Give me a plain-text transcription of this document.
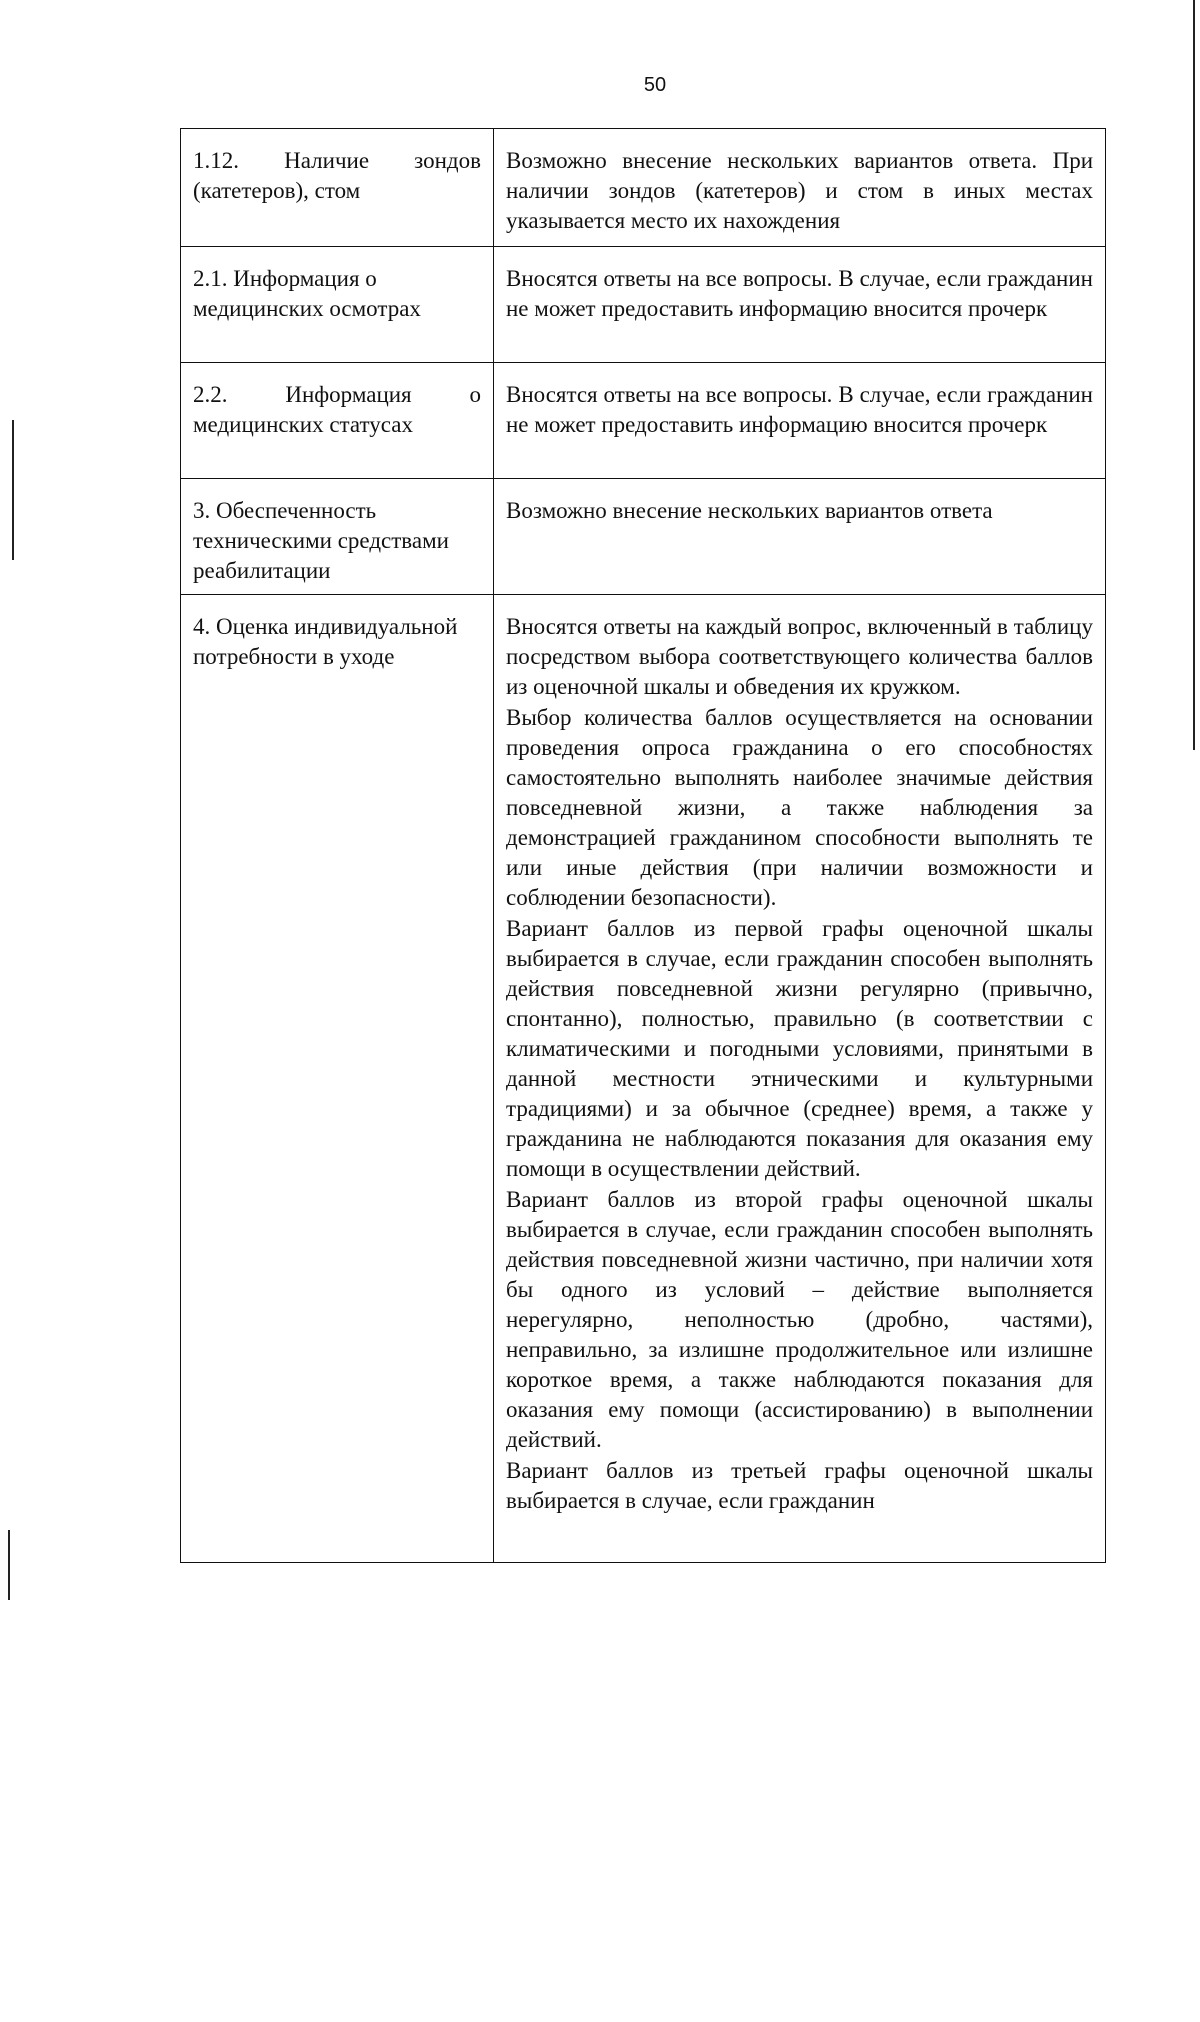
50
1.12. Наличие зондов (катетеров), стом	Возможно внесение нескольких вариантов ответа. При наличии зондов (катетеров) и стом в иных местах указывается место их нахождения

2.1. Информация о медицинских осмотрах	Вносятся ответы на все вопросы. В случае, если гражданин не может предоставить информацию вносится прочерк

2.2. Информация о медицинских статусах	Вносятся ответы на все вопросы. В случае, если гражданин не может предоставить информацию вносится прочерк

3. Обеспеченность техническими средствами реабилитации	Возможно внесение нескольких вариантов ответа

4. Оценка индивидуальной потребности в уходе	Вносятся ответы на каждый вопрос, включенный в таблицу посредством выбора соответствующего количества баллов из оценочной шкалы и обведения их кружком.

Выбор количества баллов осуществляется на основании проведения опроса гражданина о его способностях самостоятельно выполнять наиболее значимые действия повседневной жизни, а также наблюдения за демонстрацией гражданином способности выполнять те или иные действия (при наличии возможности и соблюдении безопасности).

Вариант баллов из первой графы оценочной шкалы выбирается в случае, если гражданин способен выполнять действия повседневной жизни регулярно (привычно, спонтанно), полностью, правильно (в соответствии с климатическими и погодными условиями, принятыми в данной местности этническими и культурными традициями) и за обычное (среднее) время, а также у гражданина не наблюдаются показания для оказания ему помощи в осуществлении действий.

Вариант баллов из второй графы оценочной шкалы выбирается в случае, если гражданин способен выполнять действия повседневной жизни частично, при наличии хотя бы одного из условий – действие выполняется нерегулярно, неполностью (дробно, частями), неправильно, за излишне продолжительное или излишне короткое время, а также наблюдаются показания для оказания ему помощи (ассистированию) в выполнении действий.

Вариант баллов из третьей графы оценочной шкалы выбирается в случае, если гражданин
